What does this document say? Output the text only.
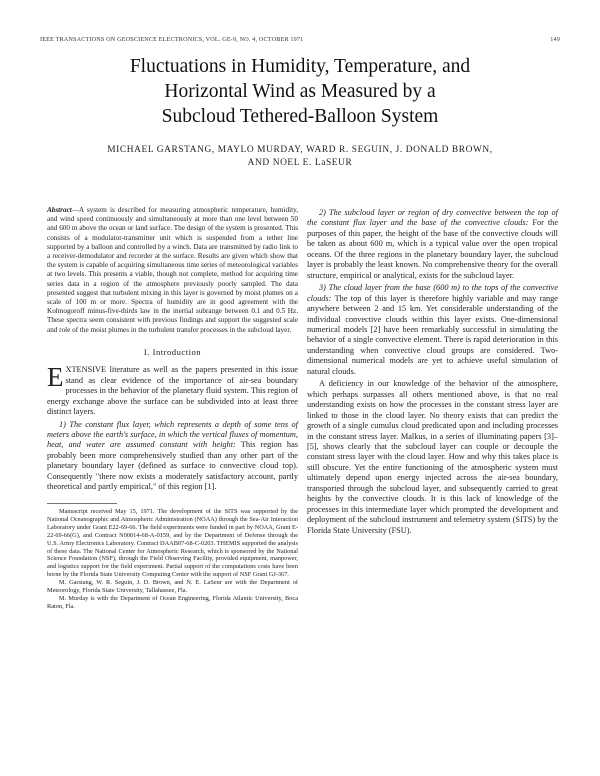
IEEE TRANSACTIONS ON GEOSCIENCE ELECTRONICS, VOL. GE-9, NO. 4, OCTOBER 1971	149
Fluctuations in Humidity, Temperature, and
Horizontal Wind as Measured by a
Subcloud Tethered-Balloon System
MICHAEL GARSTANG, MAYLO MURDAY, WARD R. SEGUIN, J. DONALD BROWN,
AND NOEL E. LaSEUR
Abstract—A system is described for measuring atmospheric temperature, humidity, and wind speed continuously and simultaneously at more than one level between 50 and 600 m above the ocean or land surface. The design of the system is presented. This consists of a modulator-transmitter unit which is suspended from a tether line supported by a balloon and controlled by a winch. Data are transmitted by radio link to a receiver-demodulator and recorder at the surface. Results are given which show that the system is capable of acquiring simultaneous time series of meteorological variables at two levels. This presents a viable, though not complete, method for acquiring time series data in a region of the atmosphere previously poorly sampled. The data presented suggest that turbulent mixing in this layer is governed by moist plumes on a scale of 100 m or more. Spectra of humidity are in good agreement with the Kolmogoroff minus-five-thirds law in the inertial subrange between 0.1 and 0.5 Hz. These spectra seem consistent with previous findings and support the suggested scale and role of the moist plumes in the turbulent transfer processes in the subcloud layer.
I. Introduction

EXTENSIVE literature as well as the papers presented in this issue stand as clear evidence of the importance of air-sea boundary processes in the behavior of the planetary fluid system. This region of energy exchange above the surface can be subdivided into at least three distinct layers.

1) The constant flux layer, which represents a depth of some tens of meters above the earth's surface, in which the vertical fluxes of momentum, heat, and water are assumed constant with height: This region has probably been more comprehensively studied than any other part of the planetary boundary layer (defined as surface to convective cloud top). Consequently "there now exists a moderately satisfactory account, partly theoretical and partly empirical," of this region [1].

Manuscript received May 15, 1971. The development of the SITS was supported by the National Oceanographic and Atmospheric Administration (NOAA) through the Sea-Air Interaction Laboratory under Grant E22-69-66. The field experiments were funded in part by NOAA, Grant E-22-69-66(G), and Contract N00014-68-A-0159, and by the Department of Defense through the U.S. Army Electronics Laboratory. Contract DAAB07-68-C-0203. THEMIS supported the analysis of these data. The National Center for Atmospheric Research, which is sponsored by the National Science Foundation (NSF), through the Field Observing Facility, provided equipment, manpower, and logistics support for the field experiment. Partial support of the computations costs have been borne by the Florida State University Computing Center with the support of NSF Grant GJ-367.

M. Garstang, W. R. Seguin, J. D. Brown, and N. E. LaSeur are with the Department of Meteorology, Florida State University, Tallahassee, Fla.

M. Murday is with the Department of Ocean Engineering, Florida Atlantic University, Boca Raton, Fla.

2) The subcloud layer or region of dry convective between the top of the constant flux layer and the base of the convective clouds: For the purposes of this paper, the height of the base of the convective clouds will be taken as about 600 m, which is a typical value over the open tropical oceans. Of the three regions in the planetary boundary layer, the subcloud layer is probably the least known. No comprehensive theory for the overall structure, empirical or analytical, exists for the subcloud layer.

3) The cloud layer from the base (600 m) to the tops of the convective clouds: The top of this layer is therefore highly variable and may range anywhere between 2 and 15 km. Yet considerable understanding of the individual convective clouds within this layer exists. One-dimensional numerical models [2] have been remarkably successful in simulating the behavior of a single convective element. There is rapid deterioration in this understanding when convective cloud groups are considered. Two-dimensional numerical models are yet to achieve useful simulation of natural clouds.

A deficiency in our knowledge of the behavior of the atmosphere, which perhaps surpasses all others mentioned above, is that no real understanding exists on how the processes in the constant stress layer are linked to those in the cloud layer. No theory exists that can predict the growth of a single cumulus cloud predicated upon and including processes in the constant stress layer. Malkus, in a series of illuminating papers [3]–[5], shows clearly that the subcloud layer can couple or decouple the constant stress layer with the cloud layer. How and why this takes place is still obscure. Yet the entire functioning of the atmospheric system must ultimately depend upon energy injected across the air-sea boundary, transported through the subcloud layer, and subsequently carried to great heights by the convective clouds. It is this lack of knowledge of the processes in this intermediate layer which prompted the development and deployment of the subcloud instrument and telemetry system (SITS) by the Florida State University (FSU).
